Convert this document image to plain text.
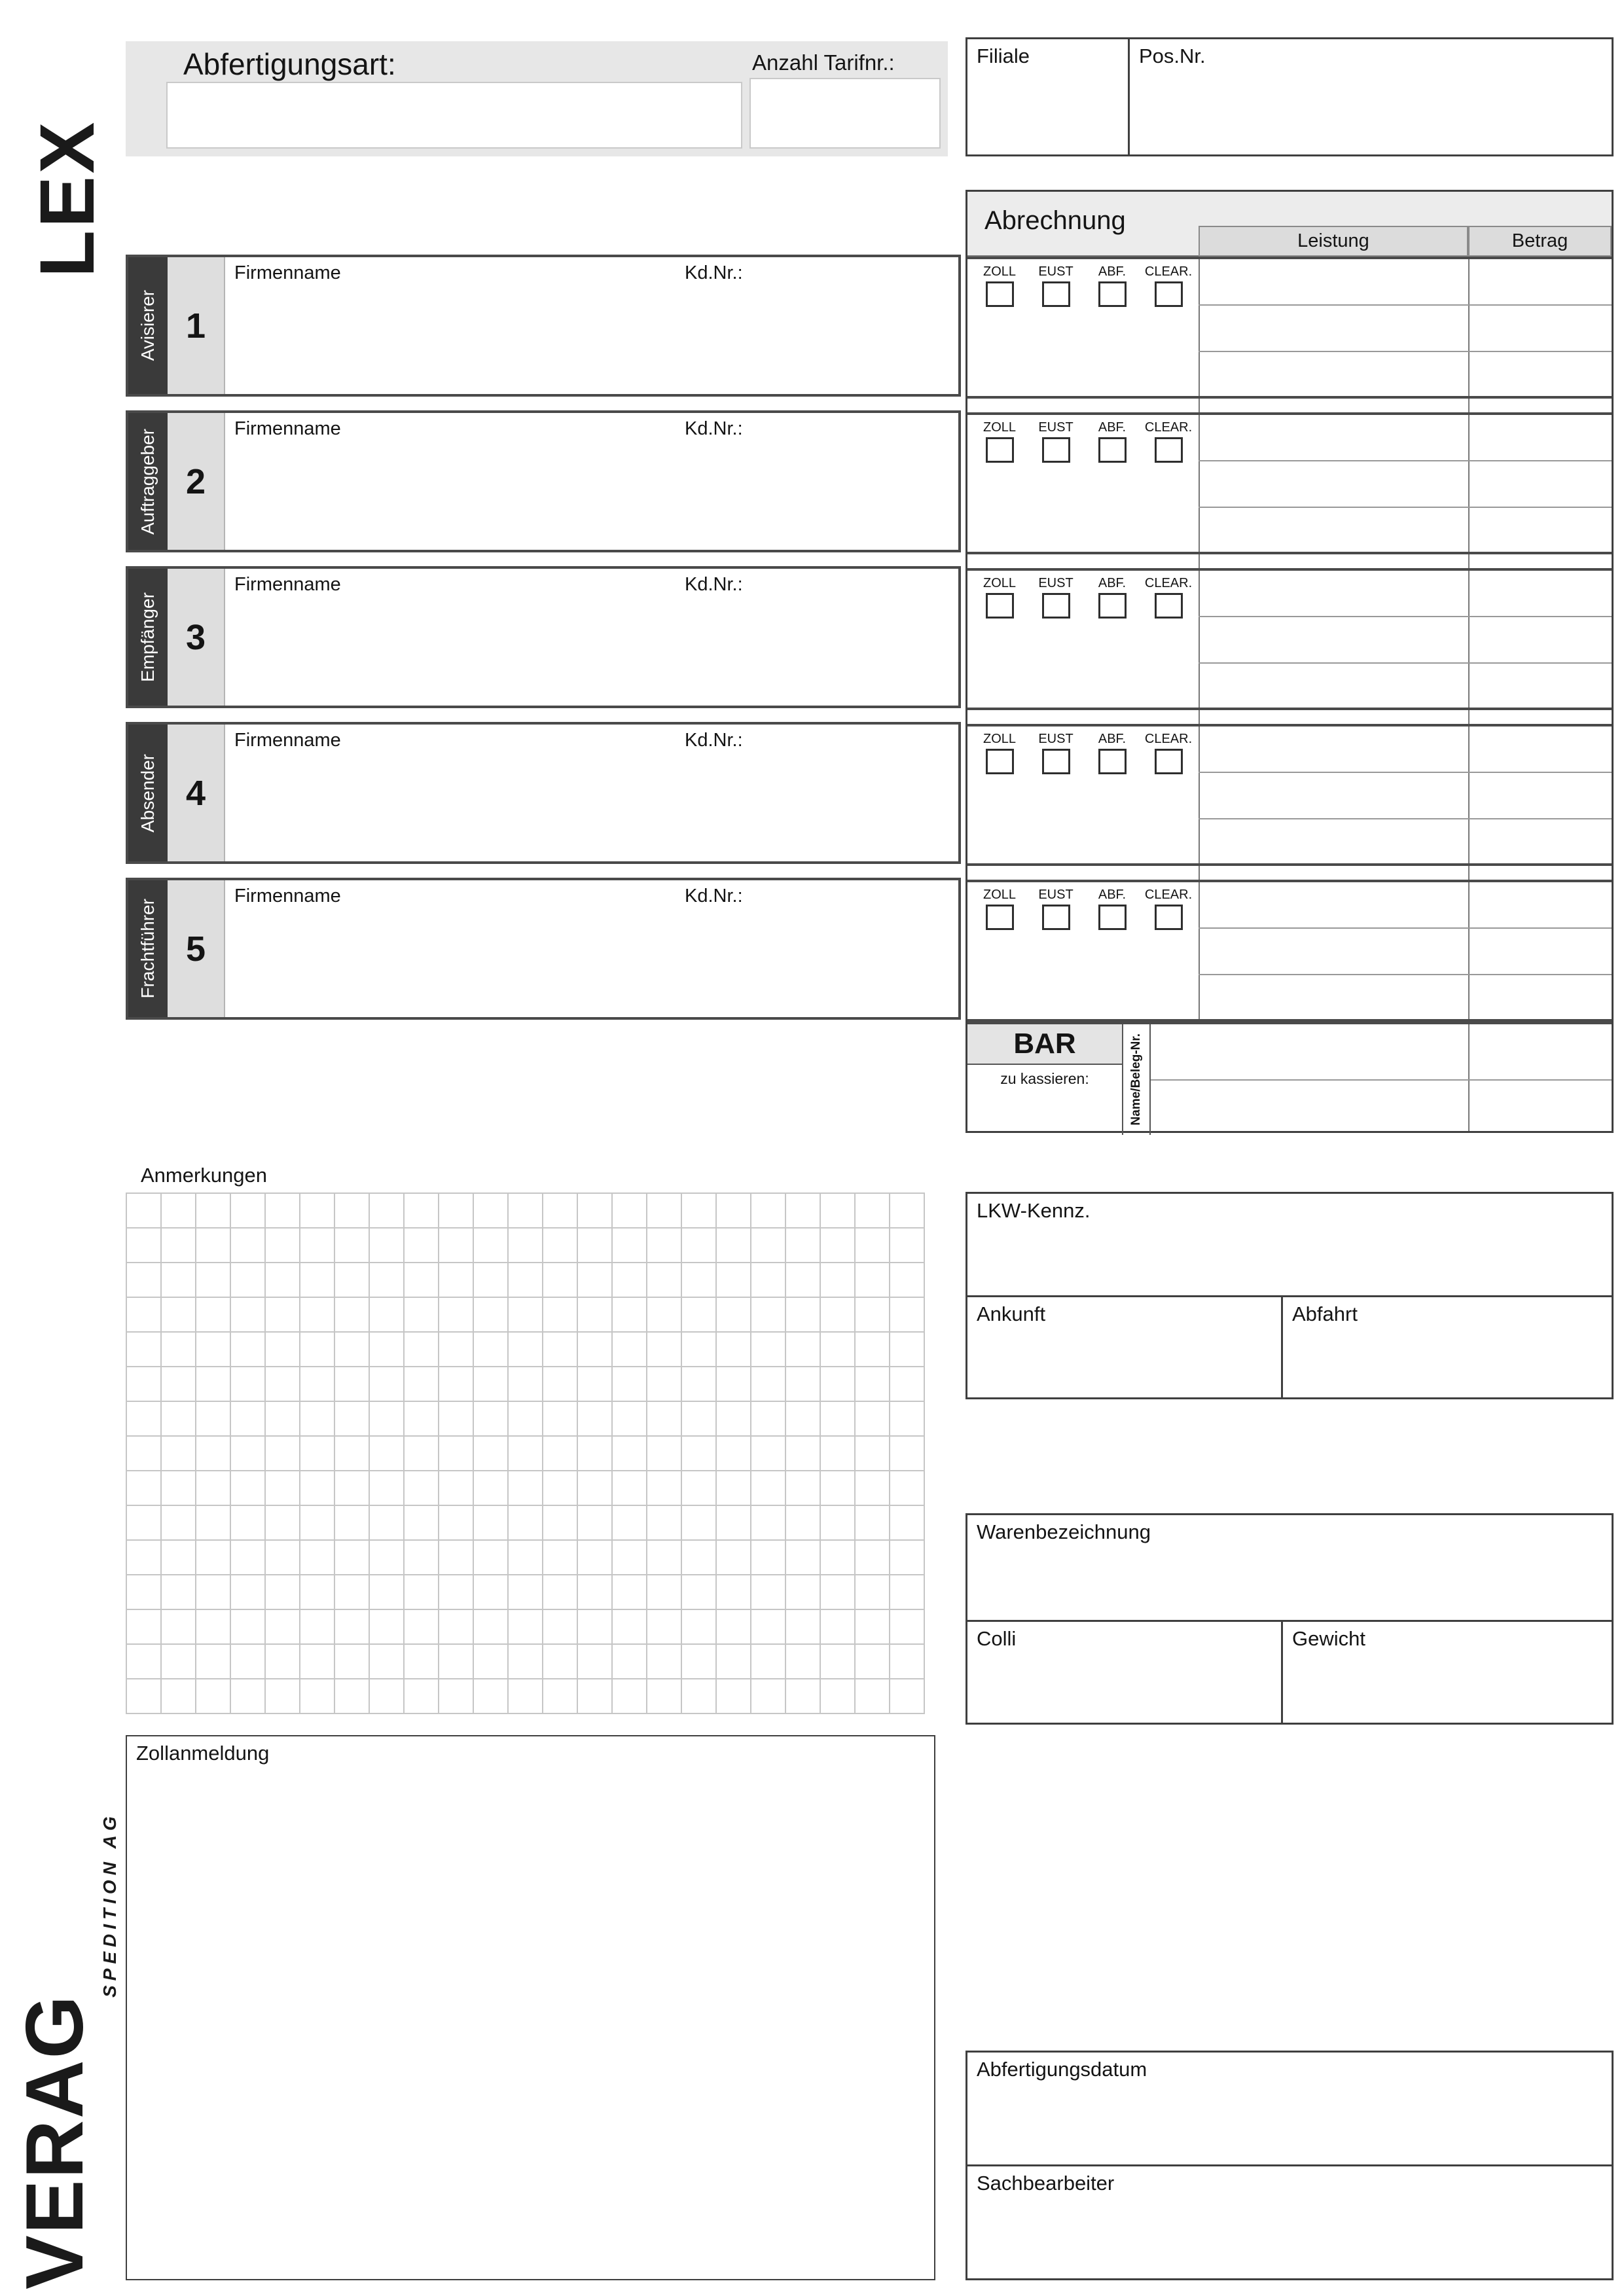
LEX
Abfertigungsart:	Anzahl Tarifnr.:	Filiale	Pos.Nr.
Abrechnung
Leistung	Betrag
ZOLL EUST ABF. CLEAR.
ZOLL EUST ABF. CLEAR.
ZOLL EUST ABF. CLEAR.
ZOLL EUST ABF. CLEAR.
ZOLL EUST ABF. CLEAR.
BAR
zu kassieren:	Name/Beleg-Nr.
Avisierer 1
Firmenname	Kd.Nr.:
Auftraggeber 2
Firmenname	Kd.Nr.:
Empfänger 3
Firmenname	Kd.Nr.:
Absender 4
Firmenname	Kd.Nr.:
Frachtführer 5
Firmenname	Kd.Nr.:
Anmerkungen
LKW-Kennz.
Ankunft	Abfahrt
Warenbezeichnung
Colli	Gewicht
Zollanmeldung
Abfertigungsdatum
Sachbearbeiter
VERAG
SPEDITION AG
